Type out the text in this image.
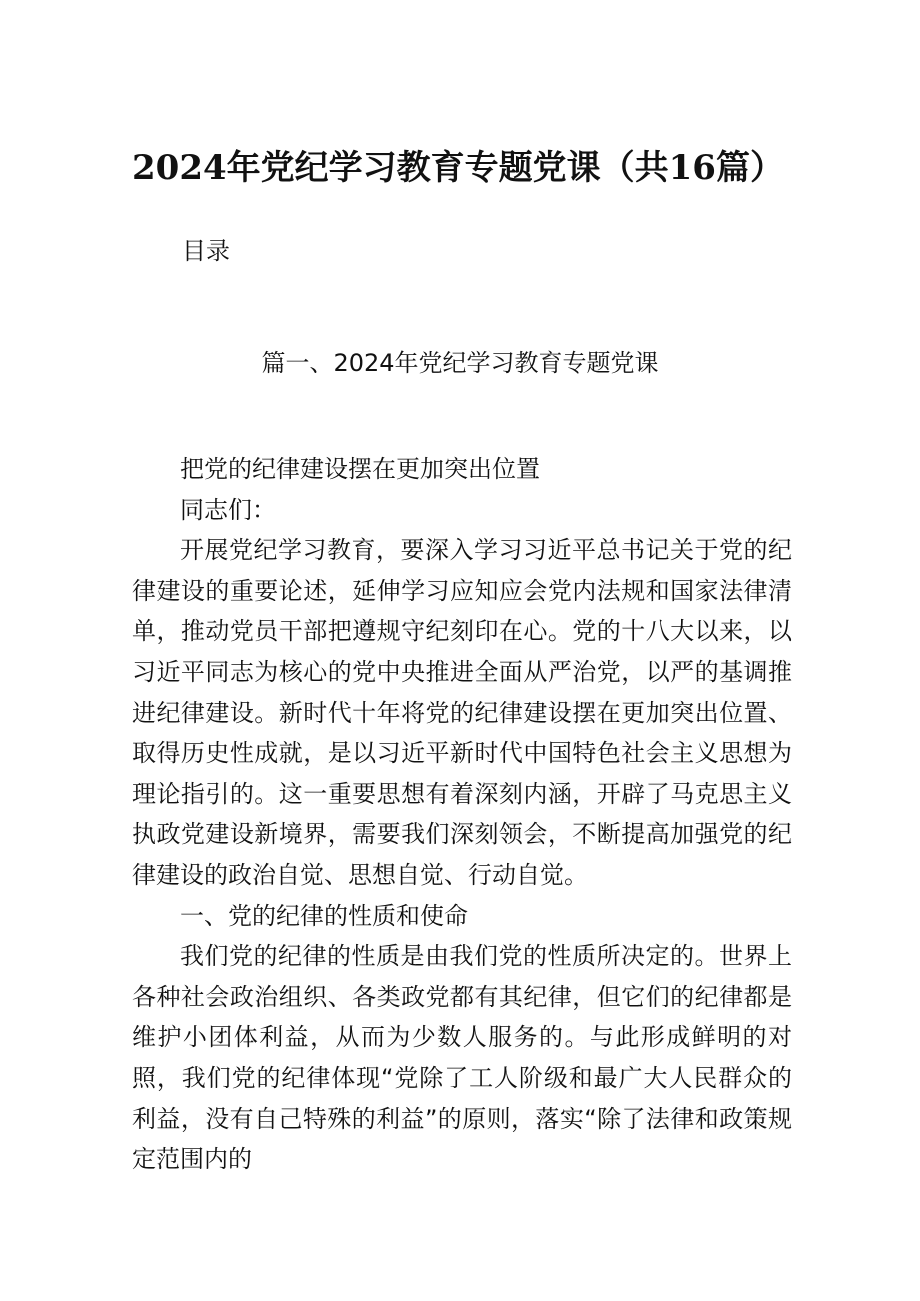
2024年党纪学习教育专题党课（共16篇）
目录
篇一、2024年党纪学习教育专题党课

把党的纪律建设摆在更加突出位置

同志们：

开展党纪学习教育，要深入学习习近平总书记关于党的纪律建设的重要论述，延伸学习应知应会党内法规和国家法律清单，推动党员干部把遵规守纪刻印在心。党的十八大以来，以习近平同志为核心的党中央推进全面从严治党，以严的基调推进纪律建设。新时代十年将党的纪律建设摆在更加突出位置、取得历史性成就，是以习近平新时代中国特色社会主义思想为理论指引的。这一重要思想有着深刻内涵，开辟了马克思主义执政党建设新境界，需要我们深刻领会，不断提高加强党的纪律建设的政治自觉、思想自觉、行动自觉。

一、党的纪律的性质和使命

我们党的纪律的性质是由我们党的性质所决定的。世界上各种社会政治组织、各类政党都有其纪律，但它们的纪律都是维护小团体利益，从而为少数人服务的。与此形成鲜明的对照，我们党的纪律体现“党除了工人阶级和最广大人民群众的利益，没有自己特殊的利益”的原则，落实“除了法律和政策规定范围内的
